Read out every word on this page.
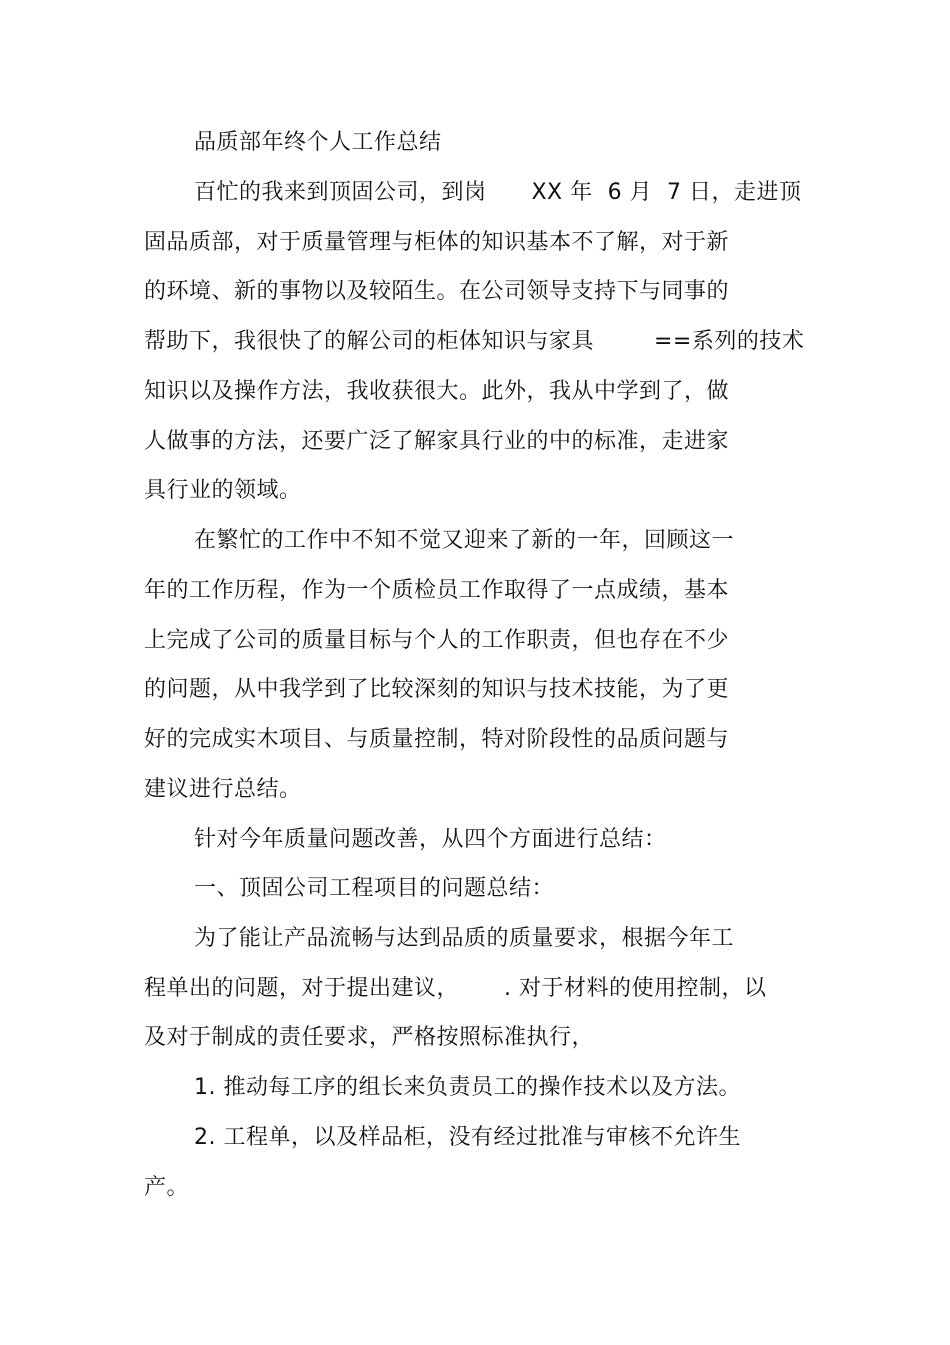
品质部年终个人工作总结
百忙的我来到顶固公司，到岗      XX 年  6 月  7 日，走进顶
固品质部，对于质量管理与柜体的知识基本不了解，对于新
的环境、新的事物以及较陌生。在公司领导支持下与同事的
帮助下，我很快了的解公司的柜体知识与家具        ==系列的技术
知识以及操作方法，我收获很大。此外，我从中学到了，做
人做事的方法，还要广泛了解家具行业的中的标准，走进家
具行业的领域。
在繁忙的工作中不知不觉又迎来了新的一年，回顾这一
年的工作历程，作为一个质检员工作取得了一点成绩，基本
上完成了公司的质量目标与个人的工作职责，但也存在不少
的问题，从中我学到了比较深刻的知识与技术技能，为了更
好的完成实木项目、与质量控制，特对阶段性的品质问题与
建议进行总结。
针对今年质量问题改善，从四个方面进行总结：
一、顶固公司工程项目的问题总结：
为了能让产品流畅与达到品质的质量要求，根据今年工
程单出的问题，对于提出建议，      . 对于材料的使用控制，以
及对于制成的责任要求，严格按照标准执行，
1. 推动每工序的组长来负责员工的操作技术以及方法。
2. 工程单，以及样品柜，没有经过批准与审核不允许生
产。
